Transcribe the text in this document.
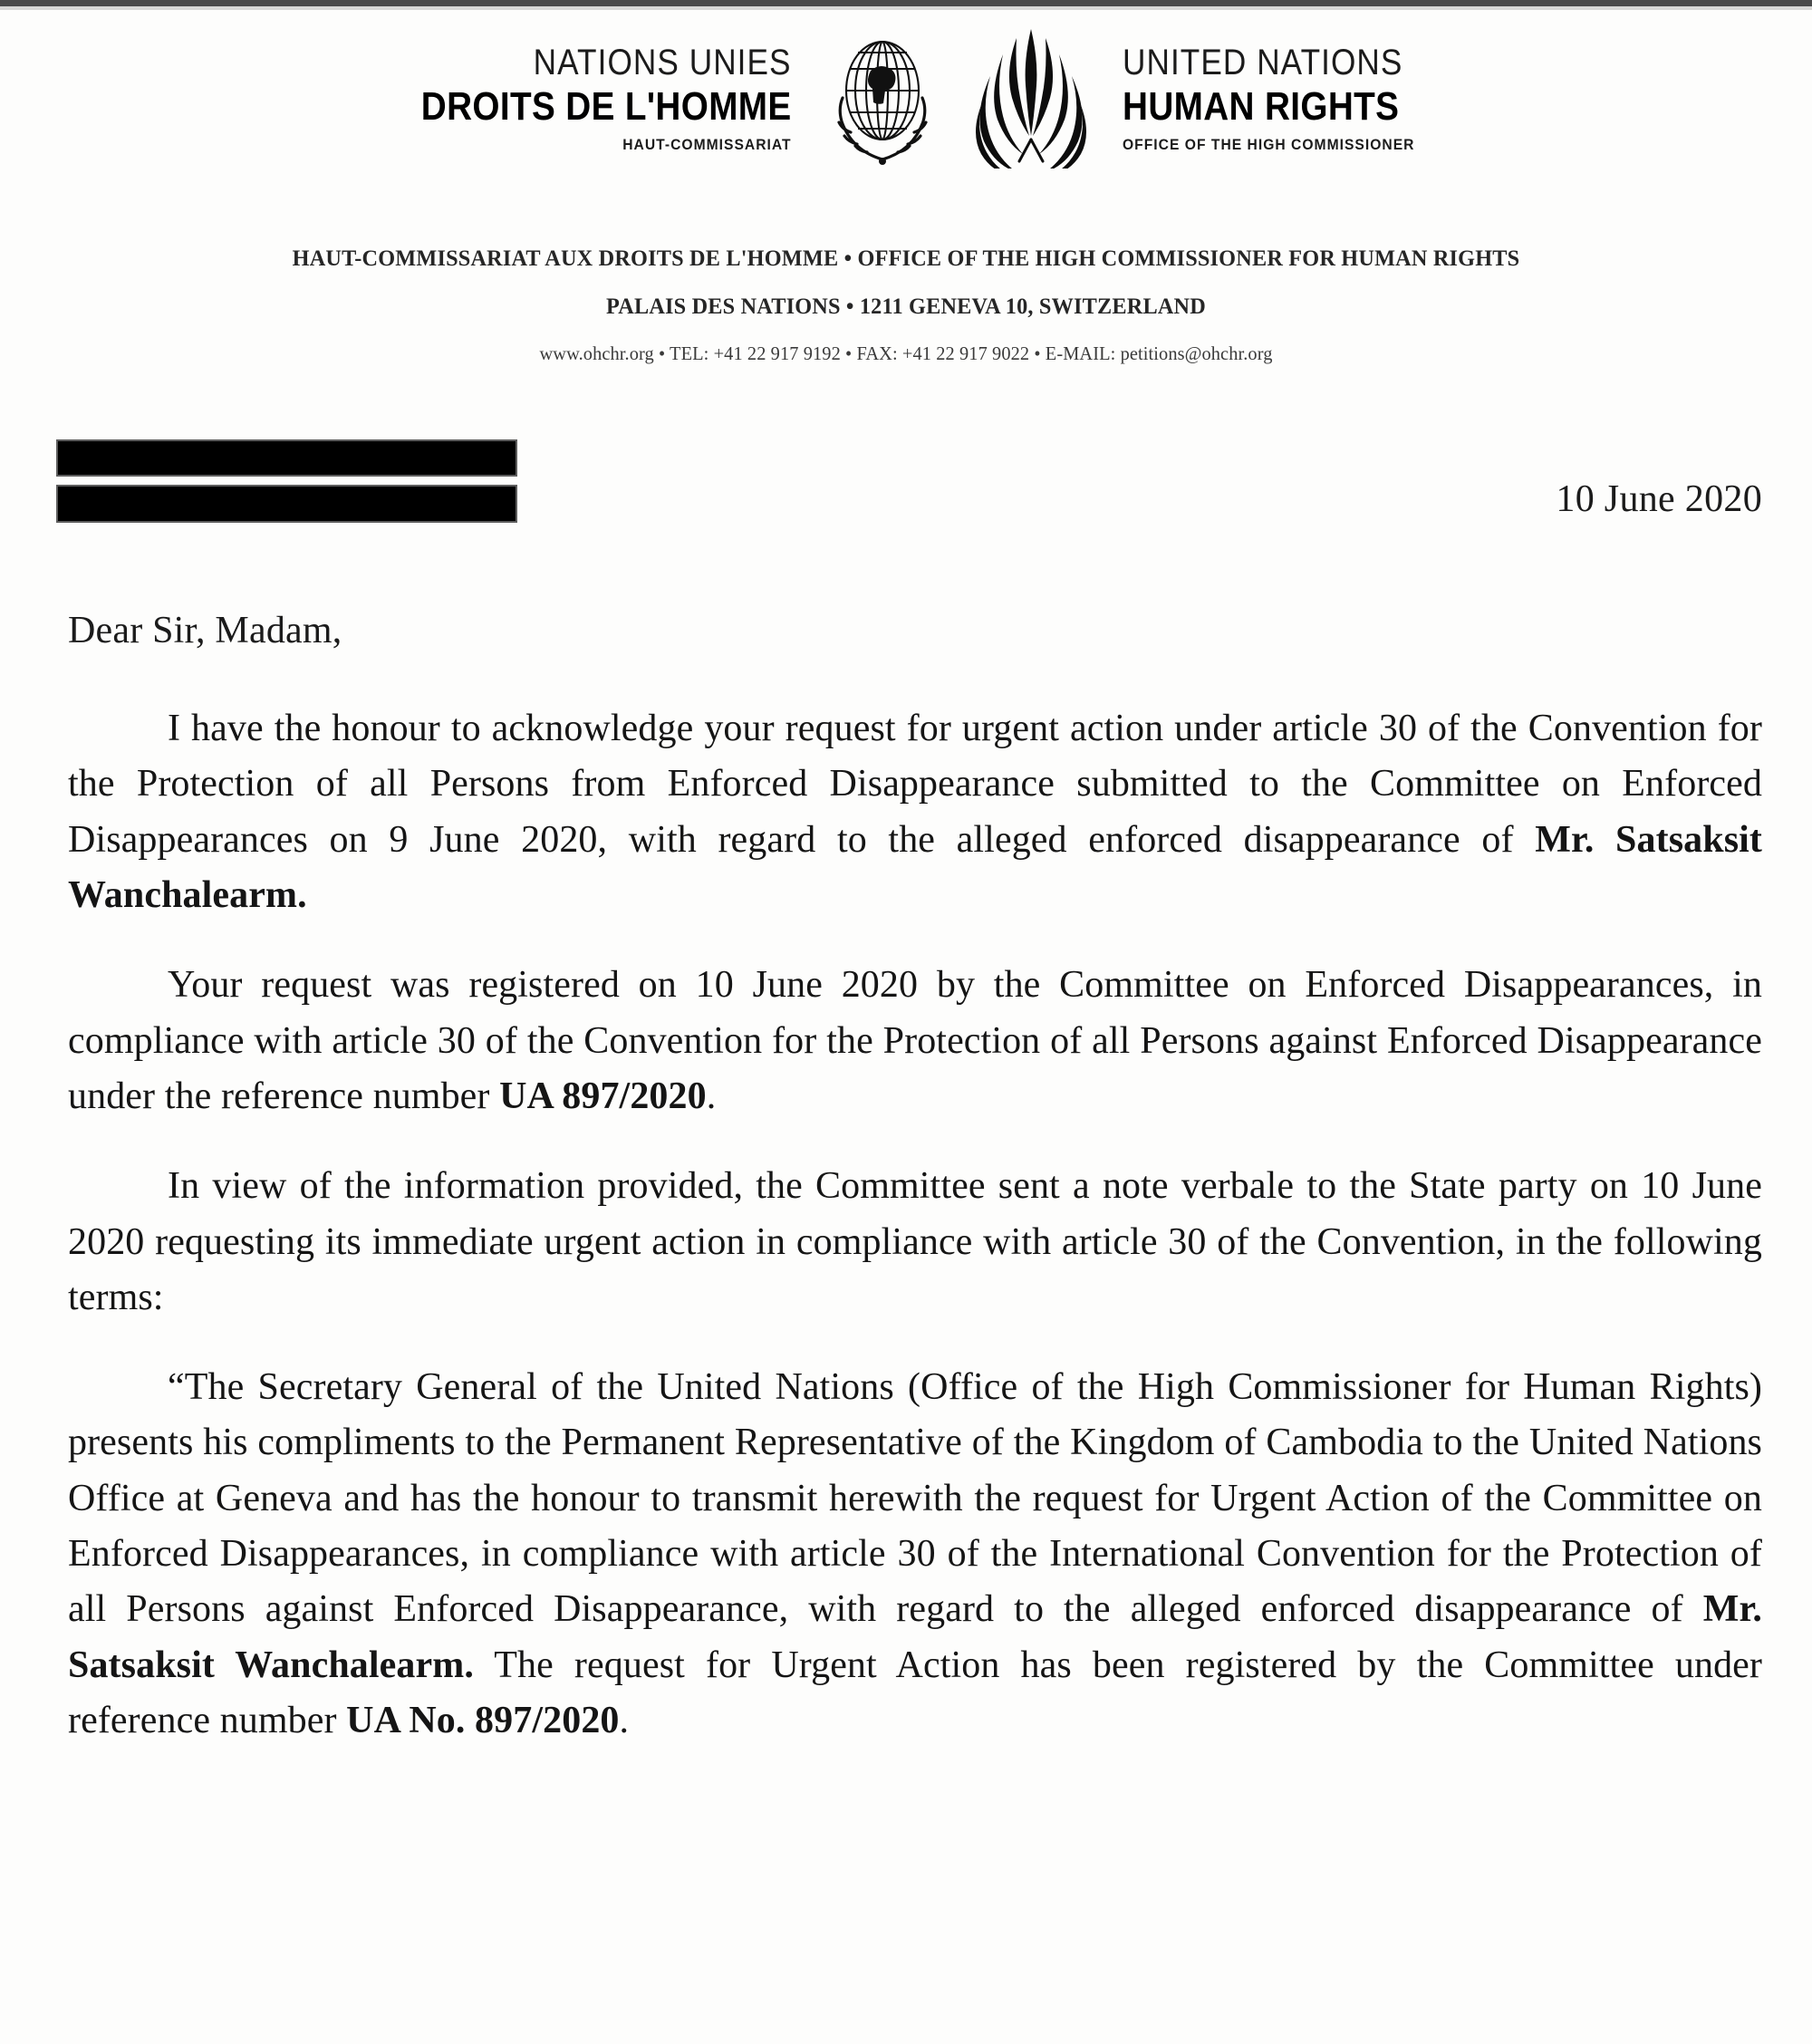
NATIONS UNIES
DROITS DE L'HOMME
HAUT-COMMISSARIAT
UNITED NATIONS
HUMAN RIGHTS
OFFICE OF THE HIGH COMMISSIONER
HAUT-COMMISSARIAT AUX DROITS DE L'HOMME • OFFICE OF THE HIGH COMMISSIONER FOR HUMAN RIGHTS
PALAIS DES NATIONS • 1211 GENEVA 10, SWITZERLAND
www.ohchr.org • TEL: +41 22 917 9192 • FAX: +41 22 917 9022 • E-MAIL: petitions@ohchr.org
10 June 2020
Dear Sir, Madam,

I have the honour to acknowledge your request for urgent action under article 30 of the Convention for the Protection of all Persons from Enforced Disappearance submitted to the Committee on Enforced Disappearances on 9 June 2020, with regard to the alleged enforced disappearance of Mr. Satsaksit Wanchalearm.

Your request was registered on 10 June 2020 by the Committee on Enforced Disappearances, in compliance with article 30 of the Convention for the Protection of all Persons against Enforced Disappearance under the reference number UA 897/2020.

In view of the information provided, the Committee sent a note verbale to the State party on 10 June 2020 requesting its immediate urgent action in compliance with article 30 of the Convention, in the following terms:

“The Secretary General of the United Nations (Office of the High Commissioner for Human Rights) presents his compliments to the Permanent Representative of the Kingdom of Cambodia to the United Nations Office at Geneva and has the honour to transmit herewith the request for Urgent Action of the Committee on Enforced Disappearances, in compliance with article 30 of the International Convention for the Protection of all Persons against Enforced Disappearance, with regard to the alleged enforced disappearance of Mr. Satsaksit Wanchalearm. The request for Urgent Action has been registered by the Committee under reference number UA No. 897/2020.
